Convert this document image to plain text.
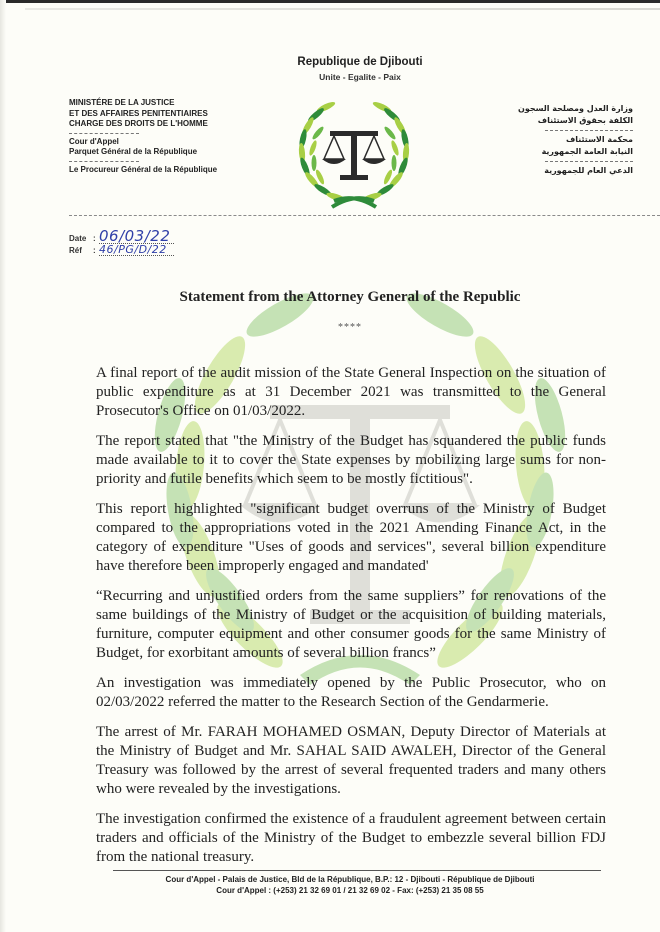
Republique de Djibouti
Unite - Egalite - Paix
MINISTÉRE DE LA JUSTICE
ET DES AFFAIRES PENITENTIAIRES
CHARGE DES DROITS DE L'HOMME
Cour d'Appel
Parquet Général de la République
Le Procureur Général de la République
وزارة العدل ومصلحة السجون
الكلفة بحقوق الاستئناف
محكمة الاستئناف
النيابة العامة الجمهورية
الدعي العام للجمهورية
Date : 06/03/22
Réf	: 46/PG/D/22
Statement from the Attorney General of the Republic
****

A final report of the audit mission of the State General Inspection on the situation of public expenditure as at 31 December 2021 was transmitted to the General Prosecutor's Office on 01/03/2022.

The report stated that "the Ministry of the Budget has squandered the public funds made available to it to cover the State expenses by mobilizing large sums for non-priority and futile benefits which seem to be mostly fictitious".

This report highlighted "significant budget overruns of the Ministry of Budget compared to the appropriations voted in the 2021 Amending Finance Act, in the category of expenditure "Uses of goods and services", several billion expenditure have therefore been improperly engaged and mandated'

“Recurring and unjustified orders from the same suppliers” for renovations of the same buildings of the Ministry of Budget or the acquisition of building materials, furniture, computer equipment and other consumer goods for the same Ministry of Budget, for exorbitant amounts of several billion francs”

An investigation was immediately opened by the Public Prosecutor, who on 02/03/2022 referred the matter to the Research Section of the Gendarmerie.

The arrest of Mr. FARAH MOHAMED OSMAN, Deputy Director of Materials at the Ministry of Budget and Mr. SAHAL SAID AWALEH, Director of the General Treasury was followed by the arrest of several frequented traders and many others who were revealed by the investigations.

The investigation confirmed the existence of a fraudulent agreement between certain traders and officials of the Ministry of the Budget to embezzle several billion FDJ from the national treasury.

Cour d'Appel - Palais de Justice, Bld de la République, B.P.: 12 - Djibouti - République de Djibouti
Cour d'Appel : (+253) 21 32 69 01 / 21 32 69 02 - Fax: (+253) 21 35 08 55
